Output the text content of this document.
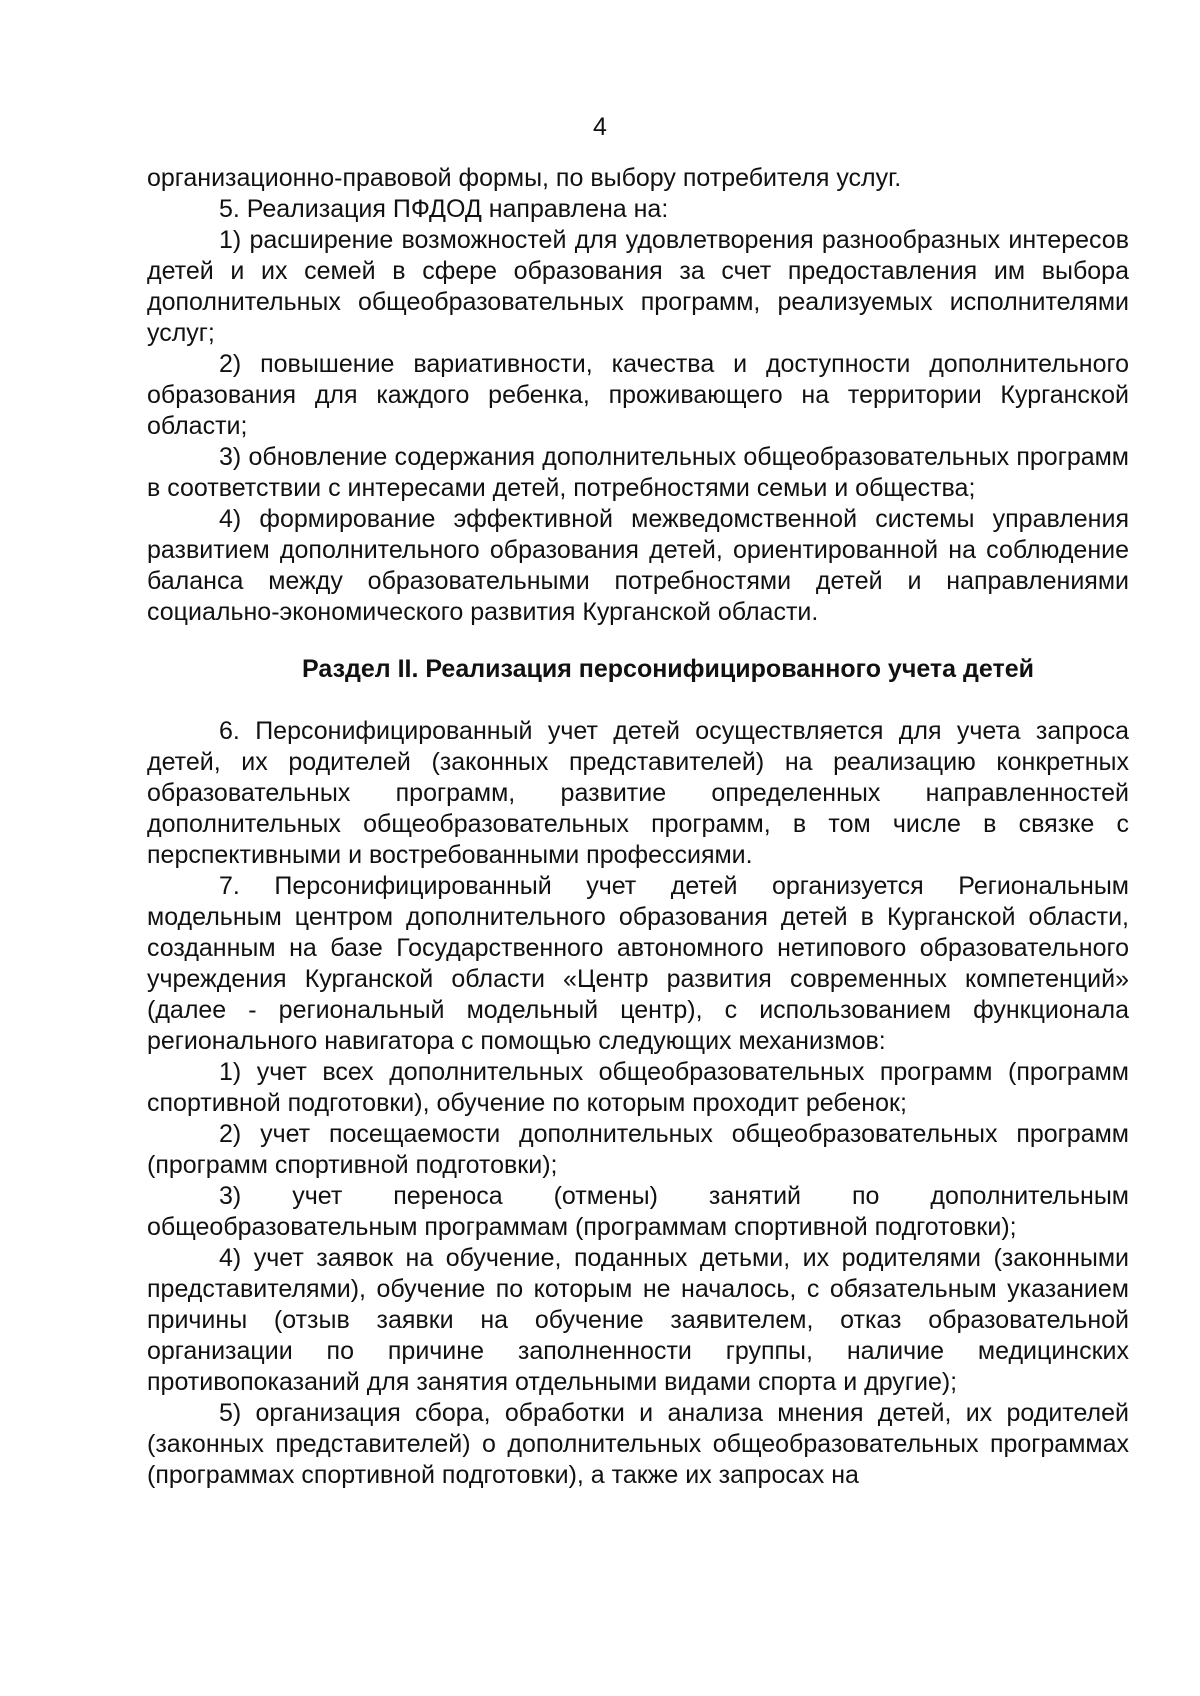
4

организационно-правовой формы, по выбору потребителя услуг.

5. Реализация ПФДОД направлена на:

1) расширение возможностей для удовлетворения разнообразных интересов детей и их семей в сфере образования за счет предоставления им выбора дополнительных общеобразовательных программ, реализуемых исполнителями услуг;

2) повышение вариативности, качества и доступности дополнительного образования для каждого ребенка, проживающего на территории Курганской области;

3) обновление содержания дополнительных общеобразовательных программ в соответствии с интересами детей, потребностями семьи и общества;

4) формирование эффективной межведомственной системы управления развитием дополнительного образования детей, ориентированной на соблюдение баланса между образовательными потребностями детей и направлениями социально-экономического развития Курганской области.

Раздел II. Реализация персонифицированного учета детей

6. Персонифицированный учет детей осуществляется для учета запроса детей, их родителей (законных представителей) на реализацию конкретных образовательных программ, развитие определенных направленностей дополнительных общеобразовательных программ, в том числе в связке с перспективными и востребованными профессиями.

7. Персонифицированный учет детей организуется Региональным модельным центром дополнительного образования детей в Курганской области, созданным на базе Государственного автономного нетипового образовательного учреждения Курганской области «Центр развития современных компетенций» (далее - региональный модельный центр), с использованием функционала регионального навигатора с помощью следующих механизмов:

1) учет всех дополнительных общеобразовательных программ (программ спортивной подготовки), обучение по которым проходит ребенок;

2) учет посещаемости дополнительных общеобразовательных программ (программ спортивной подготовки);

3) учет переноса (отмены) занятий по дополнительным общеобразовательным программам (программам спортивной подготовки);

4) учет заявок на обучение, поданных детьми, их родителями (законными представителями), обучение по которым не началось, с обязательным указанием причины (отзыв заявки на обучение заявителем, отказ образовательной организации по причине заполненности группы, наличие медицинских противопоказаний для занятия отдельными видами спорта и другие);

5) организация сбора, обработки и анализа мнения детей, их родителей (законных представителей) о дополнительных общеобразовательных программах (программах спортивной подготовки), а также их запросах на
